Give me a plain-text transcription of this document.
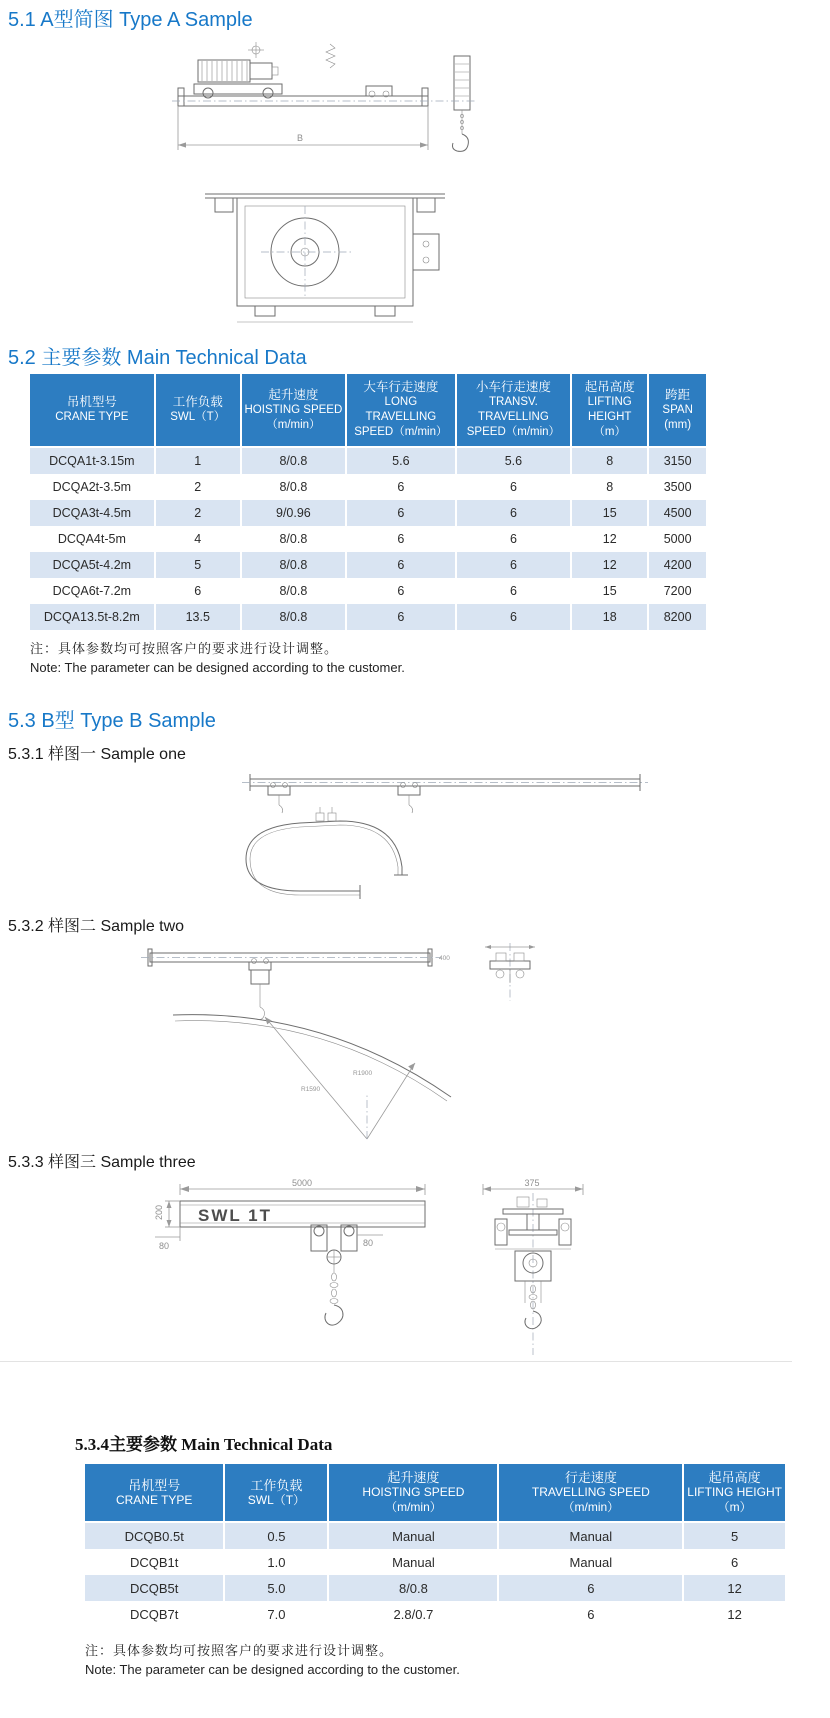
5.1 A型简图 Type A Sample
B
5.2 主要参数 Main Technical Data
吊机型号
CRANE TYPE

工作负载
SWL（T）

起升速度
HOISTING SPEED
（m/min）

大车行走速度
LONG TRAVELLING
SPEED（m/min）

小车行走速度
TRANSV. TRAVELLING
SPEED（m/min）

起吊高度
LIFTING HEIGHT
（m）

跨距
SPAN
(mm)

DCQA1t-3.15m	1	8/0.8	5.6	5.6	8	3150
DCQA2t-3.5m	2	8/0.8	6	6	8	3500
DCQA3t-4.5m	2	9/0.96	6	6	15	4500
DCQA4t-5m	4	8/0.8	6	6	12	5000
DCQA5t-4.2m	5	8/0.8	6	6	12	4200
DCQA6t-7.2m	6	8/0.8	6	6	15	7200
DCQA13.5t-8.2m	13.5	8/0.8	6	6	18	8200
注：具体参数均可按照客户的要求进行设计调整。
Note: The parameter can be designed according to the customer.
5.3 B型 Type B Sample
5.3.1 样图一 Sample one
5.3.2 样图二 Sample two
400
R1590
R1900
5.3.3 样图三 Sample three
5000
SWL 1T
200
80	80
375
5.3.4主要参数 Main Technical Data
吊机型号
CRANE TYPE

工作负载
SWL（T）

起升速度
HOISTING SPEED
（m/min）

行走速度
TRAVELLING SPEED
（m/min）

起吊高度
LIFTING HEIGHT
（m）

DCQB0.5t	0.5	Manual	Manual	5
DCQB1t	1.0	Manual	Manual	6
DCQB5t	5.0	8/0.8	6	12
DCQB7t	7.0	2.8/0.7	6	12
注：具体参数均可按照客户的要求进行设计调整。
Note: The parameter can be designed according to the customer.
